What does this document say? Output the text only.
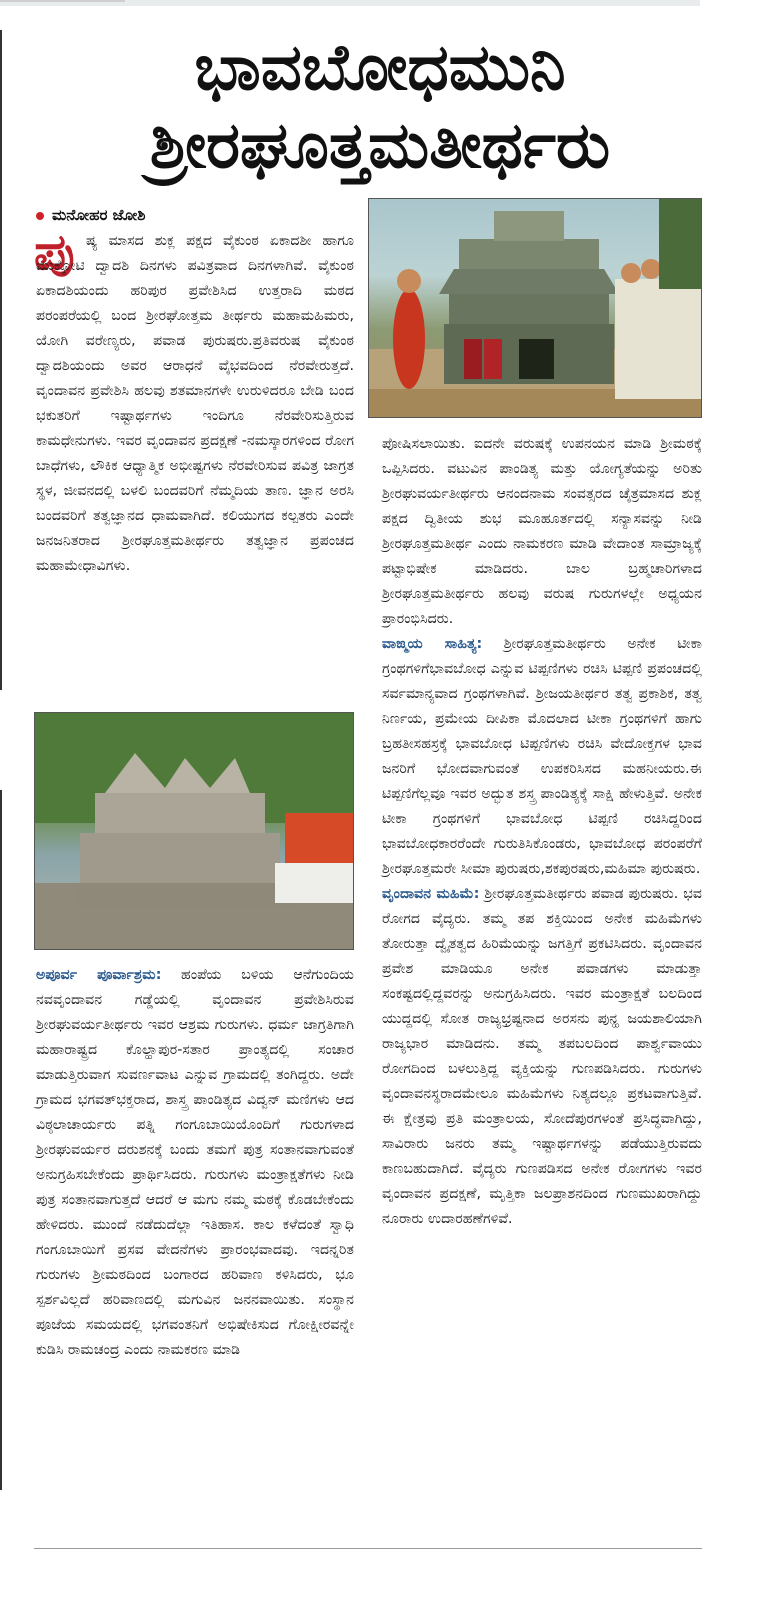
ಭಾವಬೋಧಮುನಿ
ಶ್ರೀರಘೂತ್ತಮತೀರ್ಥರು
ಮನೋಹರ ಜೋಶಿ
ಪು ಷ್ಯ ಮಾಸದ ಶುಕ್ಲ ಪಕ್ಷದ ವೈಕುಂಠ ಏಕಾದಶೀ ಹಾಗೂ ಮುಕ್ಕೋಟಿ ದ್ವಾದಶಿ ದಿನಗಳು ಪವಿತ್ರವಾದ ದಿನಗಳಾಗಿವೆ. ವೈಕುಂಠ ಏಕಾದಶಿಯಂದು ಹರಿಪುರ ಪ್ರವೇಶಿಸಿದ ಉತ್ತರಾದಿ ಮಠದ ಪರಂಪರೆಯಲ್ಲಿ ಬಂದ ಶ್ರೀರಘೋತ್ತಮ ತೀರ್ಥರು ಮಹಾಮಹಿಮರು, ಯೋಗಿ ವರೇಣ್ಯರು, ಪವಾಡ ಪುರುಷರು.ಪ್ರತಿವರುಷ ವೈಕುಂಠ ದ್ವಾದಶಿಯಂದು ಅವರ ಆರಾಧನೆ ವೈಭವದಿಂದ ನೆರವೇರುತ್ತದೆ. ವೃಂದಾವನ ಪ್ರವೇಶಿಸಿ ಹಲವು ಶತಮಾನಗಳೇ ಉರುಳಿದರೂ ಬೇಡಿ ಬಂದ ಭಕುತರಿಗೆ ಇಷ್ಟಾರ್ಥಗಳು ಇಂದಿಗೂ ನೆರವೇರಿಸುತ್ತಿರುವ ಕಾಮಧೇನುಗಳು. ಇವರ ವೃಂದಾವನ ಪ್ರದಕ್ಷಣೆ -ನಮಸ್ಕಾರಗಳಿಂದ ರೋಗ ಬಾಧೆಗಳು, ಲೌಕಿಕ ಆಧ್ಯಾತ್ಮಿಕ ಅಭೀಷ್ಟಗಳು ನೆರವೇರಿಸುವ ಪವಿತ್ರ ಜಾಗ್ರತ ಸ್ಥಳ, ಜೀವನದಲ್ಲಿ ಬಳಲಿ ಬಂದವರಿಗೆ ನೆಮ್ಮದಿಯ ತಾಣ. ಜ್ಞಾನ ಅರಸಿ ಬಂದವರಿಗೆ ತತ್ವಜ್ಞಾನದ ಧಾಮವಾಗಿದೆ. ಕಲಿಯುಗದ ಕಲ್ಪತರು ಎಂದೇ ಜನಜನಿತರಾದ ಶ್ರೀರಘೂತ್ತಮತೀರ್ಥರು ತತ್ವಜ್ಞಾನ ಪ್ರಪಂಚದ ಮಹಾಮೇಧಾವಿಗಳು.

ಅಪೂರ್ವ ಪೂರ್ವಾಶ್ರಮ: ಹಂಪೆಯ ಬಳಿಯ ಆನೆಗುಂದಿಯ ನವವೃಂದಾವನ ಗಡ್ಡೆಯಲ್ಲಿ ವೃಂದಾವನ ಪ್ರವೇಶಿಸಿರುವ ಶ್ರೀರಘುವರ್ಯತೀರ್ಥರು ಇವರ ಆಶ್ರಮ ಗುರುಗಳು. ಧರ್ಮ ಜಾಗ್ರತಿಗಾಗಿ ಮಹಾರಾಷ್ಟ್ರದ ಕೊಲ್ಹಾಪುರ-ಸತಾರ ಪ್ರಾಂತ್ಯದಲ್ಲಿ ಸಂಚಾರ ಮಾಡುತ್ತಿರುವಾಗ ಸುವರ್ಣವಾಟ ಎನ್ನುವ ಗ್ರಾಮದಲ್ಲಿ ತಂಗಿದ್ದರು. ಅದೇ ಗ್ರಾಮದ ಭಗವತ್‌ಭಕ್ತರಾದ, ಶಾಸ್ತ್ರ ಪಾಂಡಿತ್ಯದ ವಿದ್ವನ್ ಮಣಿಗಳು ಆದ ವಿಠ್ಠಲಾಚಾರ್ಯರು ಪತ್ನಿ ಗಂಗೂಬಾಯಿಯೊಂದಿಗೆ ಗುರುಗಳಾದ ಶ್ರೀರಘುವರ್ಯರ ದರುಶನಕ್ಕೆ ಬಂದು ತಮಗೆ ಪುತ್ರ ಸಂತಾನವಾಗುವಂತೆ ಅನುಗ್ರಹಿಸಬೇಕೆಂದು ಪ್ರಾರ್ಥಿಸಿದರು. ಗುರುಗಳು ಮಂತ್ರಾಕ್ಷತೆಗಳು ನೀಡಿ ಪುತ್ರ ಸಂತಾನವಾಗುತ್ತದೆ ಆದರೆ ಆ ಮಗು ನಮ್ಮ ಮಠಕ್ಕೆ ಕೊಡಬೇಕೆಂದು ಹೇಳಿದರು. ಮುಂದೆ ನಡೆದುದೆಲ್ಲಾ ಇತಿಹಾಸ. ಕಾಲ ಕಳೆದಂತೆ ಸ್ವಾಧಿ ಗಂಗೂಬಾಯಿಗೆ ಪ್ರಸವ ವೇದನೆಗಳು ಪ್ರಾರಂಭವಾದವು. ಇದನ್ನರಿತ ಗುರುಗಳು ಶ್ರೀಮಠದಿಂದ ಬಂಗಾರದ ಹರಿವಾಣ ಕಳಿಸಿದರು, ಭೂ ಸ್ಪರ್ಶವಿಲ್ಲದೆ ಹರಿವಾಣದಲ್ಲಿ ಮಗುವಿನ ಜನನವಾಯಿತು. ಸಂಸ್ಥಾನ ಪೂಜೆಯ ಸಮಯದಲ್ಲಿ ಭಗವಂತನಿಗೆ ಅಭಿಷೇಕಿಸುದ ಗೋಕ್ಷೀರವನ್ನೇ ಕುಡಿಸಿ ರಾಮಚಂದ್ರ ಎಂದು ನಾಮಕರಣ ಮಾಡಿ

ಪೋಷಿಸಲಾಯಿತು. ಐದನೇ ವರುಷಕ್ಕೆ ಉಪನಯನ ಮಾಡಿ ಶ್ರೀಮಠಕ್ಕೆ ಒಪ್ಪಿಸಿದರು. ವಟುವಿನ ಪಾಂಡಿತ್ಯ ಮತ್ತು ಯೋಗ್ಯತೆಯನ್ನು ಅರಿತು ಶ್ರೀರಘುವರ್ಯತೀರ್ಥರು ಆನಂದನಾಮ ಸಂವತ್ಸರದ ಚೈತ್ರಮಾಸದ ಶುಕ್ಲ ಪಕ್ಷದ ದ್ವಿತೀಯ ಶುಭ ಮೂಹೂರ್ತದಲ್ಲಿ ಸನ್ಯಾಸವನ್ನು ನೀಡಿ ಶ್ರೀರಘೂತ್ತಮತೀರ್ಥ ಎಂದು ನಾಮಕರಣ ಮಾಡಿ ವೇದಾಂತ ಸಾಮ್ರಾಜ್ಯಕ್ಕೆ ಪಟ್ಟಾಭಿಷೇಕ ಮಾಡಿದರು. ಬಾಲ ಬ್ರಹ್ಮಚಾರಿಗಳಾದ ಶ್ರೀರಘೂತ್ತಮತೀರ್ಥರು ಹಲವು ವರುಷ ಗುರುಗಳಲ್ಲೇ ಅಧ್ಯಯನ ಪ್ರಾರಂಭಿಸಿದರು.

ವಾಙ್ಮಯ ಸಾಹಿತ್ಯ: ಶ್ರೀರಘೂತ್ತಮತೀರ್ಥರು ಅನೇಕ ಟೀಕಾ ಗ್ರಂಥಗಳಿಗೆಭಾವಬೋಧ ಎನ್ನುವ ಟಿಪ್ಪಣಿಗಳು ರಚಿಸಿ ಟಿಪ್ಪಣಿ ಪ್ರಪಂಚದಲ್ಲಿ ಸರ್ವಮಾನ್ಯವಾದ ಗ್ರಂಥಗಳಾಗಿವೆ. ಶ್ರೀಜಯತೀರ್ಥರ ತತ್ವ ಪ್ರಕಾಶಿಕ, ತತ್ವ ನಿರ್ಣಯ, ಪ್ರಮೇಯ ದೀಪಿಕಾ ಮೊದಲಾದ ಟೀಕಾ ಗ್ರಂಥಗಳಿಗೆ ಹಾಗು ಬ್ರಹತೀಸಹಸ್ರಕ್ಕೆ ಭಾವಬೋಧ ಟಿಪ್ಪಣಿಗಳು ರಚಿಸಿ ವೇದೋಕ್ತಗಳ ಭಾವ ಜನರಿಗೆ ಭೋದವಾಗುವಂತೆ ಉಪಕರಿಸಿಸದ ಮಹನೀಯರು.ಈ ಟಿಪ್ಪಣಿಗೆಲ್ಲವೂ ಇವರ ಅದ್ಭುತ ಶಸ್ತ್ರ ಪಾಂಡಿತ್ಯಕ್ಕೆ ಸಾಕ್ಷಿ ಹೇಳುತ್ತಿವೆ. ಅನೇಕ ಟೀಕಾ ಗ್ರಂಥಗಳಿಗೆ ಭಾವಬೋಧ ಟಿಪ್ಪಣಿ ರಚಿಸಿದ್ದರಿಂದ ಭಾವಬೋಧಕಾರರೆಂದೇ ಗುರುತಿಸಿಕೊಂಡರು, ಭಾವಬೋಧ ಪರಂಪರೆಗೆ ಶ್ರೀರಘೂತ್ತಮರೇ ಸೀಮಾ ಪುರುಷರು,ಶಕಪುರಷರು,ಮಹಿಮಾ ಪುರುಷರು.

ವೃಂದಾವನ ಮಹಿಮೆ: ಶ್ರೀರಘೂತ್ತಮತೀರ್ಥರು ಪವಾಡ ಪುರುಷರು. ಭವ ರೋಗದ ವೈದ್ಯರು. ತಮ್ಮ ತಪ ಶಕ್ತಿಯಿಂದ ಅನೇಕ ಮಹಿಮೆಗಳು ತೋರುತ್ತಾ ದ್ವೈತತ್ವದ ಹಿರಿಮೆಯನ್ನು ಜಗತ್ತಿಗೆ ಪ್ರಕಟಿಸಿದರು. ವೃಂದಾವನ ಪ್ರವೇಶ ಮಾಡಿಯೂ ಅನೇಕ ಪವಾಡಗಳು ಮಾಡುತ್ತಾ ಸಂಕಷ್ಟದಲ್ಲಿದ್ದವರನ್ನು ಅನುಗ್ರಹಿಸಿದರು. ಇವರ ಮಂತ್ರಾಕ್ಷತೆ ಬಲದಿಂದ ಯುದ್ದದಲ್ಲಿ ಸೋತ ರಾಜ್ಯಭ್ರಷ್ಟನಾದ ಅರಸನು ಪುನ್ಹ ಜಯಶಾಲಿಯಾಗಿ ರಾಜ್ಯಭಾರ ಮಾಡಿದನು. ತಮ್ಮ ತಪಬಲದಿಂದ ಪಾರ್ಶ್ವವಾಯು ರೋಗದಿಂದ ಬಳಲುತ್ತಿದ್ದ ವ್ಯಕ್ತಿಯನ್ನು ಗುಣಪಡಿಸಿದರು. ಗುರುಗಳು ವೃಂದಾವನಸ್ಥರಾದಮೇಲೂ ಮಹಿಮೆಗಳು ನಿತ್ಯದಲ್ಲೂ ಪ್ರಕಟವಾಗುತ್ತಿವೆ. ಈ ಕ್ಷೇತ್ರವು ಪ್ರತಿ ಮಂತ್ರಾಲಯ, ಸೋದೆಪುರಗಳಂತೆ ಪ್ರಸಿದ್ಧವಾಗಿದ್ದು, ಸಾವಿರಾರು ಜನರು ತಮ್ಮ ಇಷ್ಟಾರ್ಥಗಳನ್ನು ಪಡೆಯುತ್ತಿರುವದು ಕಾಣಬಹುದಾಗಿದೆ. ವೈದ್ಯರು ಗುಣಪಡಿಸದ ಅನೇಕ ರೋಗಗಳು ಇವರ ವೃಂದಾವನ ಪ್ರದಕ್ಷಣೆ, ಮೃತ್ತಿಕಾ ಜಲಪ್ರಾಶನದಿಂದ ಗುಣಮುಖರಾಗಿದ್ದು ನೂರಾರು ಉದಾರಹಣೆಗಳಿವೆ.
